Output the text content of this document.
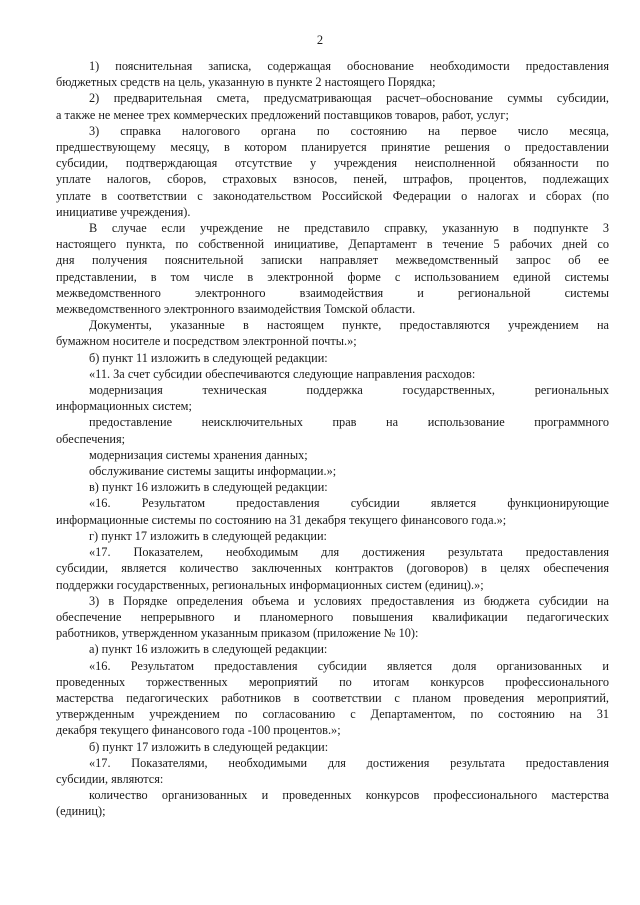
2
1) пояснительная записка, содержащая обоснование необходимости предоставления
бюджетных средств на цель, указанную в пункте 2 настоящего Порядка;
2) предварительная смета, предусматривающая расчет–обоснование суммы субсидии,
а также не менее трех коммерческих предложений поставщиков товаров, работ, услуг;
3) справка налогового органа по состоянию на первое число месяца,
предшествующему месяцу, в котором планируется принятие решения о предоставлении
субсидии, подтверждающая отсутствие у учреждения неисполненной обязанности по
уплате налогов, сборов, страховых взносов, пеней, штрафов, процентов, подлежащих
уплате в соответствии с законодательством Российской Федерации о налогах и сборах (по
инициативе учреждения).
В случае если учреждение не представило справку, указанную в подпункте 3
настоящего пункта, по собственной инициативе, Департамент в течение 5 рабочих дней со
дня получения пояснительной записки направляет межведомственный запрос об ее
представлении, в том числе в электронной форме с использованием единой системы
межведомственного электронного взаимодействия и региональной системы
межведомственного электронного взаимодействия Томской области.
Документы, указанные в настоящем пункте, предоставляются учреждением на
бумажном носителе и посредством электронной почты.»;
б) пункт 11 изложить в следующей редакции:
«11. За счет субсидии обеспечиваются следующие направления расходов:
модернизация техническая поддержка государственных, региональных
информационных систем;
предоставление неисключительных прав на использование программного
обеспечения;
модернизация системы хранения данных;
обслуживание системы защиты информации.»;
в) пункт 16 изложить в следующей редакции:
«16. Результатом предоставления субсидии является функционирующие
информационные системы по состоянию на 31 декабря текущего финансового года.»;
г) пункт 17 изложить в следующей редакции:
«17. Показателем, необходимым для достижения результата предоставления
субсидии, является количество заключенных контрактов (договоров) в целях обеспечения
поддержки государственных, региональных информационных систем (единиц).»;
3) в Порядке определения объема и условиях предоставления из бюджета субсидии на
обеспечение непрерывного и планомерного повышения квалификации педагогических
работников, утвержденном указанным приказом (приложение № 10):
а) пункт 16 изложить в следующей редакции:
«16. Результатом предоставления субсидии является доля организованных и
проведенных торжественных мероприятий по итогам конкурсов профессионального
мастерства педагогических работников в соответствии с планом проведения мероприятий,
утвержденным учреждением по согласованию с Департаментом, по состоянию на 31
декабря текущего финансового года -100 процентов.»;
б) пункт 17 изложить в следующей редакции:
«17. Показателями, необходимыми для достижения результата предоставления
субсидии, являются:
количество организованных и проведенных конкурсов профессионального мастерства
(единиц);
